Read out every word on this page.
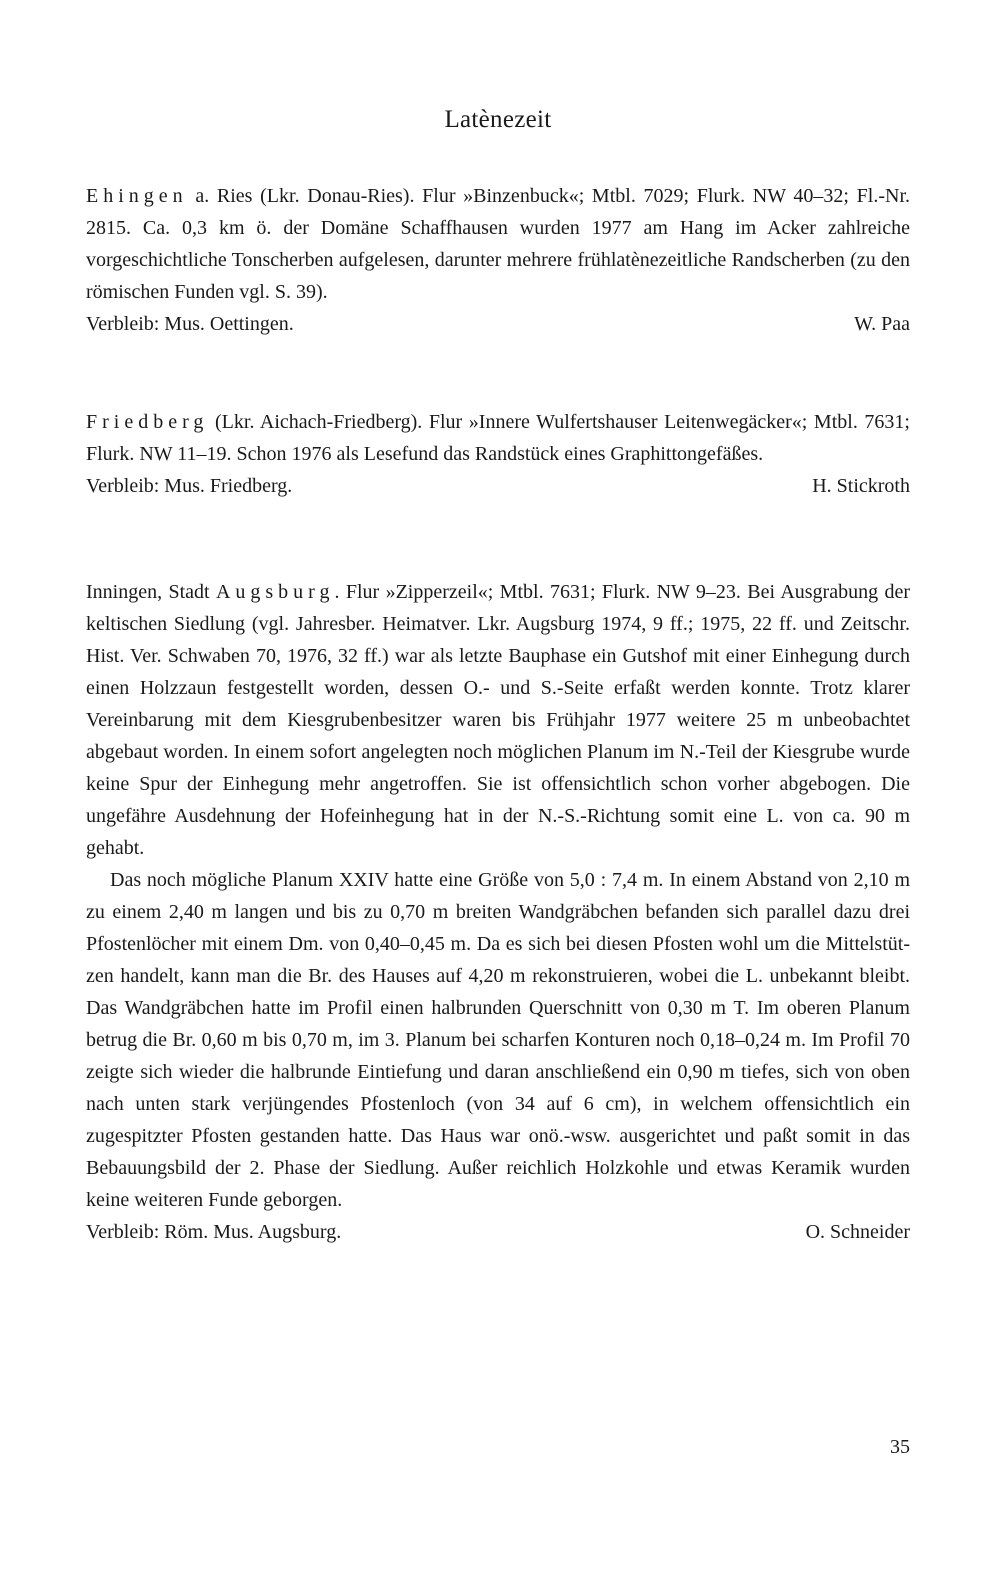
Latènezeit

Ehingen a. Ries (Lkr. Donau-Ries). Flur »Binzenbuck«; Mtbl. 7029; Flurk. NW 40–32; Fl.-Nr. 2815. Ca. 0,3 km ö. der Domäne Schaffhausen wurden 1977 am Hang im Acker zahlreiche vorgeschichtliche Tonscherben aufgelesen, darunter mehrere frühlatènezeitliche Randscherben (zu den römischen Funden vgl. S. 39).

Verbleib: Mus. Oettingen.	W. Paa

Friedberg (Lkr. Aichach-Friedberg). Flur »Innere Wulfertshauser Leitenwegäcker«; Mtbl. 7631; Flurk. NW 11–19. Schon 1976 als Lesefund das Randstück eines Graphittongefäßes.

Verbleib: Mus. Friedberg.	H. Stickroth

Inningen, Stadt Augsburg. Flur »Zipperzeil«; Mtbl. 7631; Flurk. NW 9–23. Bei Ausgrabung der keltischen Siedlung (vgl. Jahresber. Heimatver. Lkr. Augsburg 1974, 9 ff.; 1975, 22 ff. und Zeitschr. Hist. Ver. Schwaben 70, 1976, 32 ff.) war als letzte Bauphase ein Gutshof mit einer Einhegung durch einen Holzzaun festgestellt worden, dessen O.- und S.-Seite erfaßt werden konnte. Trotz klarer Vereinbarung mit dem Kiesgrubenbesitzer waren bis Frühjahr 1977 weitere 25 m unbeobachtet abgebaut worden. In einem sofort angelegten noch möglichen Planum im N.-Teil der Kiesgrube wurde keine Spur der Einhegung mehr angetroffen. Sie ist offensichtlich schon vorher abgebogen. Die ungefähre Ausdehnung der Hofeinhegung hat in der N.-S.-Richtung somit eine L. von ca. 90 m gehabt.

Das noch mögliche Planum XXIV hatte eine Größe von 5,0 : 7,4 m. In einem Abstand von 2,10 m zu einem 2,40 m langen und bis zu 0,70 m breiten Wandgräbchen befanden sich parallel dazu drei Pfostenlöcher mit einem Dm. von 0,40–0,45 m. Da es sich bei diesen Pfosten wohl um die Mittelstützen handelt, kann man die Br. des Hauses auf 4,20 m rekonstruieren, wobei die L. unbekannt bleibt. Das Wandgräbchen hatte im Profil einen halbrunden Querschnitt von 0,30 m T. Im oberen Planum betrug die Br. 0,60 m bis 0,70 m, im 3. Planum bei scharfen Konturen noch 0,18–0,24 m. Im Profil 70 zeigte sich wieder die halbrunde Eintiefung und daran anschließend ein 0,90 m tiefes, sich von oben nach unten stark verjüngendes Pfostenloch (von 34 auf 6 cm), in welchem offensichtlich ein zugespitzter Pfosten gestanden hatte. Das Haus war onö.-wsw. ausgerichtet und paßt somit in das Bebauungsbild der 2. Phase der Siedlung. Außer reichlich Holzkohle und etwas Keramik wurden keine weiteren Funde geborgen.

Verbleib: Röm. Mus. Augsburg.	O. Schneider
35
